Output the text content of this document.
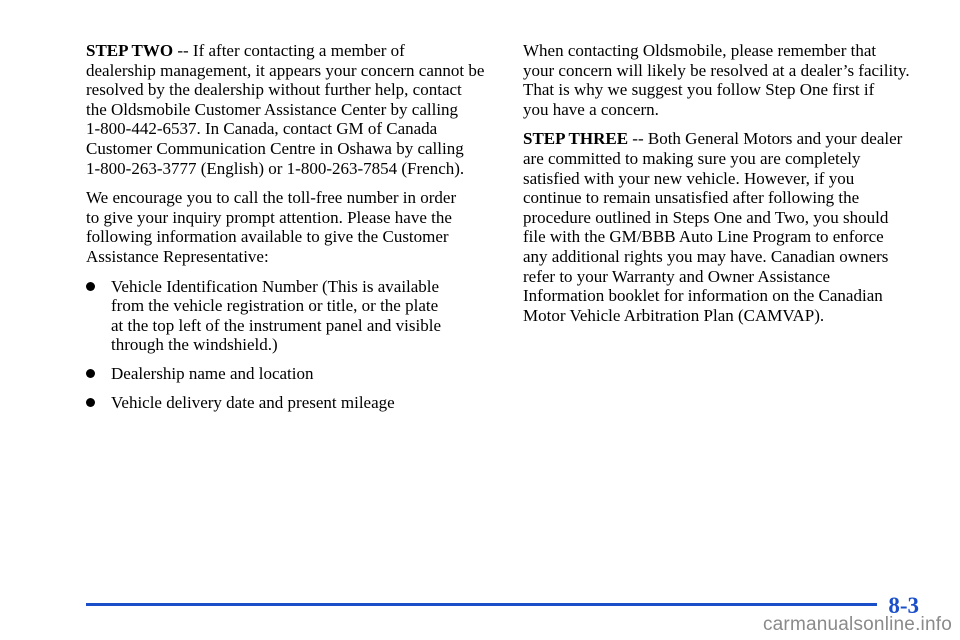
STEP TWO -- If after contacting a member of
dealership management, it appears your concern cannot be
resolved by the dealership without further help, contact
the Oldsmobile Customer Assistance Center by calling
1-800-442-6537. In Canada, contact GM of Canada
Customer Communication Centre in Oshawa by calling
1-800-263-3777 (English) or 1-800-263-7854 (French).

We encourage you to call the toll-free number in order
to give your inquiry prompt attention. Please have the
following information available to give the Customer
Assistance Representative:

Vehicle Identification Number (This is available
from the vehicle registration or title, or the plate
at the top left of the instrument panel and visible
through the windshield.)
Dealership name and location
Vehicle delivery date and present mileage

When contacting Oldsmobile, please remember that
your concern will likely be resolved at a dealer’s facility.
That is why we suggest you follow Step One first if
you have a concern.

STEP THREE -- Both General Motors and your dealer
are committed to making sure you are completely
satisfied with your new vehicle. However, if you
continue to remain unsatisfied after following the
procedure outlined in Steps One and Two, you should
file with the GM/BBB Auto Line Program to enforce
any additional rights you may have. Canadian owners
refer to your Warranty and Owner Assistance
Information booklet for information on the Canadian
Motor Vehicle Arbitration Plan (CAMVAP).

8-3
carmanualsonline.info
